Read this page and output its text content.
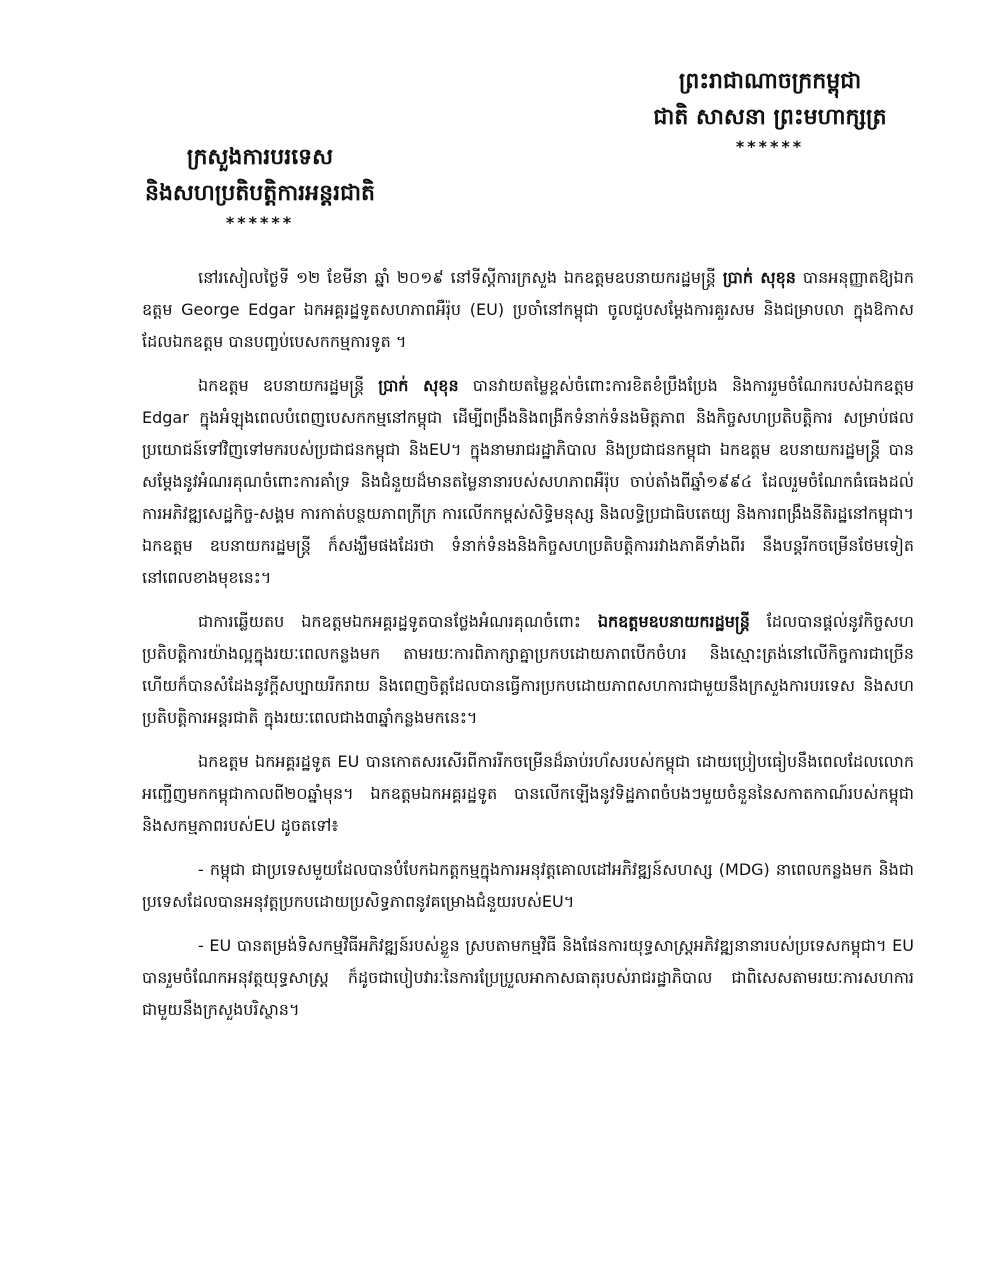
ព្រះរាជាណាចក្រកម្ពុជា
ជាតិ សាសនា ព្រះមហាក្សត្រ
******
ក្រសួងការបរទេស
និងសហប្រតិបត្តិការអន្តរជាតិ
******

នៅរសៀលថ្ងៃទី ១២ ខែមីនា ឆ្នាំ ២០១៩ នៅទីស្តីការក្រសួង ឯកឧត្តមឧបនាយករដ្ឋមន្ត្រី ប្រាក់ សុខុន បានអនុញ្ញាតឱ្យឯកឧត្តម George Edgar ឯកអគ្គរដ្ឋទូតសហភាពអឺរ៉ុប (EU) ប្រចាំនៅកម្ពុជា ចូលជួបសម្តែងការគួរសម និងជម្រាបលា ក្នុងឱកាសដែលឯកឧត្តម បានបញ្ចប់បេសកកម្មការទូត ។

ឯកឧត្តម ឧបនាយករដ្ឋមន្ត្រី ប្រាក់ សុខុន បានវាយតម្លៃខ្ពស់ចំពោះការខិតខំប្រឹងប្រែង និងការរួមចំណែករបស់ឯកឧត្តម Edgar ក្នុងអំឡុងពេលបំពេញបេសកកម្មនៅកម្ពុជា ដើម្បីពង្រឹងនិងពង្រីកទំនាក់ទំនងមិត្តភាព និងកិច្ចសហប្រតិបត្តិការ សម្រាប់ផលប្រយោជន៍ទៅវិញទៅមករបស់ប្រជាជនកម្ពុជា និងEU។ ក្នុងនាមរាជរដ្ឋាភិបាល និងប្រជាជនកម្ពុជា ឯកឧត្តម ឧបនាយករដ្ឋមន្ត្រី បានសម្តែងនូវអំណរគុណចំពោះការគាំទ្រ និងជំនួយដ៏មានតម្លៃនានារបស់សហភាពអឺរ៉ុប ចាប់តាំងពីឆ្នាំ១៩៩៤ ដែលរួមចំណែកធំធេងដល់ការអភិវឌ្ឍសេដ្ឋកិច្ច-សង្គម ការកាត់បន្ថយភាពក្រីក្រ ការលើកកម្ពស់សិទ្ធិមនុស្ស និងលទ្ធិប្រជាធិបតេយ្យ និងការពង្រឹងនីតិរដ្ឋនៅកម្ពុជា។ ឯកឧត្តម ឧបនាយករដ្ឋមន្ត្រី ក៏សង្ឃឹមផងដែរថា ទំនាក់ទំនងនិងកិច្ចសហប្រតិបត្តិការរវាងភាគីទាំងពីរ នឹងបន្តរីកចម្រើនថែមទៀតនៅពេលខាងមុខនេះ។

ជាការឆ្លើយតប ឯកឧត្តមឯកអគ្គរដ្ឋទូតបានថ្លែងអំណរគុណចំពោះ ឯកឧត្តមឧបនាយករដ្ឋមន្ត្រី ដែលបានផ្តល់នូវកិច្ចសហប្រតិបត្តិការយ៉ាងល្អក្នុងរយៈពេលកន្លងមក តាមរយៈការពិភាក្សាគ្នាប្រកបដោយភាពបើកចំហរ និងស្មោះត្រង់នៅលើកិច្ចការជាច្រើន ហើយក៏បានសំដែងនូវក្តីសប្បាយរីករាយ និងពេញចិត្តដែលបានធ្វើការប្រកបដោយភាពសហការជាមួយនឹងក្រសួងការបរទេស និងសហប្រតិបត្តិការអន្តរជាតិ ក្នុងរយៈពេលជាង៣ឆ្នាំកន្លងមកនេះ។

ឯកឧត្តម ឯកអគ្គរដ្ឋទូត EU បានកោតសរសើរពីការរីកចម្រើនដ៏ឆាប់រហ័សរបស់កម្ពុជា ដោយប្រៀបធៀបនឹងពេលដែលលោកអញ្ជើញមកកម្ពុជាកាលពី២០ឆ្នាំមុន។ ឯកឧត្តមឯកអគ្គរដ្ឋទូត បានលើកឡើងនូវទិដ្ឋភាពចំបងៗមួយចំនួននៃសកាតកាណ៍របស់កម្ពុជា និងសកម្មភាពរបស់EU ដូចតទៅ៖

- កម្ពុជា ជាប្រទេសមួយដែលបានបំបែកឯកត្តកម្មក្នុងការអនុវត្តគោលដៅអភិវឌ្ឍន៍សហស្ស (MDG) នាពេលកន្លងមក និងជាប្រទេសដែលបានអនុវត្តប្រកបដោយប្រសិទ្ធភាពនូវគម្រោងជំនួយរបស់EU។

- EU បានតម្រង់ទិសកម្មវិធីអភិវឌ្ឍន៍របស់ខ្លួន ស្របតាមកម្មវិធី និងផែនការយុទ្ធសាស្ត្រអភិវឌ្ឍនានារបស់ប្រទេសកម្ពុជា។ EU បានរួមចំណែកអនុវត្តយុទ្ធសាស្ត្រ ក៏ដូចជាបៀបវារៈនៃការប្រែប្រួលអាកាសធាតុរបស់រាជរដ្ឋាភិបាល ជាពិសេសតាមរយៈការសហការជាមួយនឹងក្រសួងបរិស្ថាន។
